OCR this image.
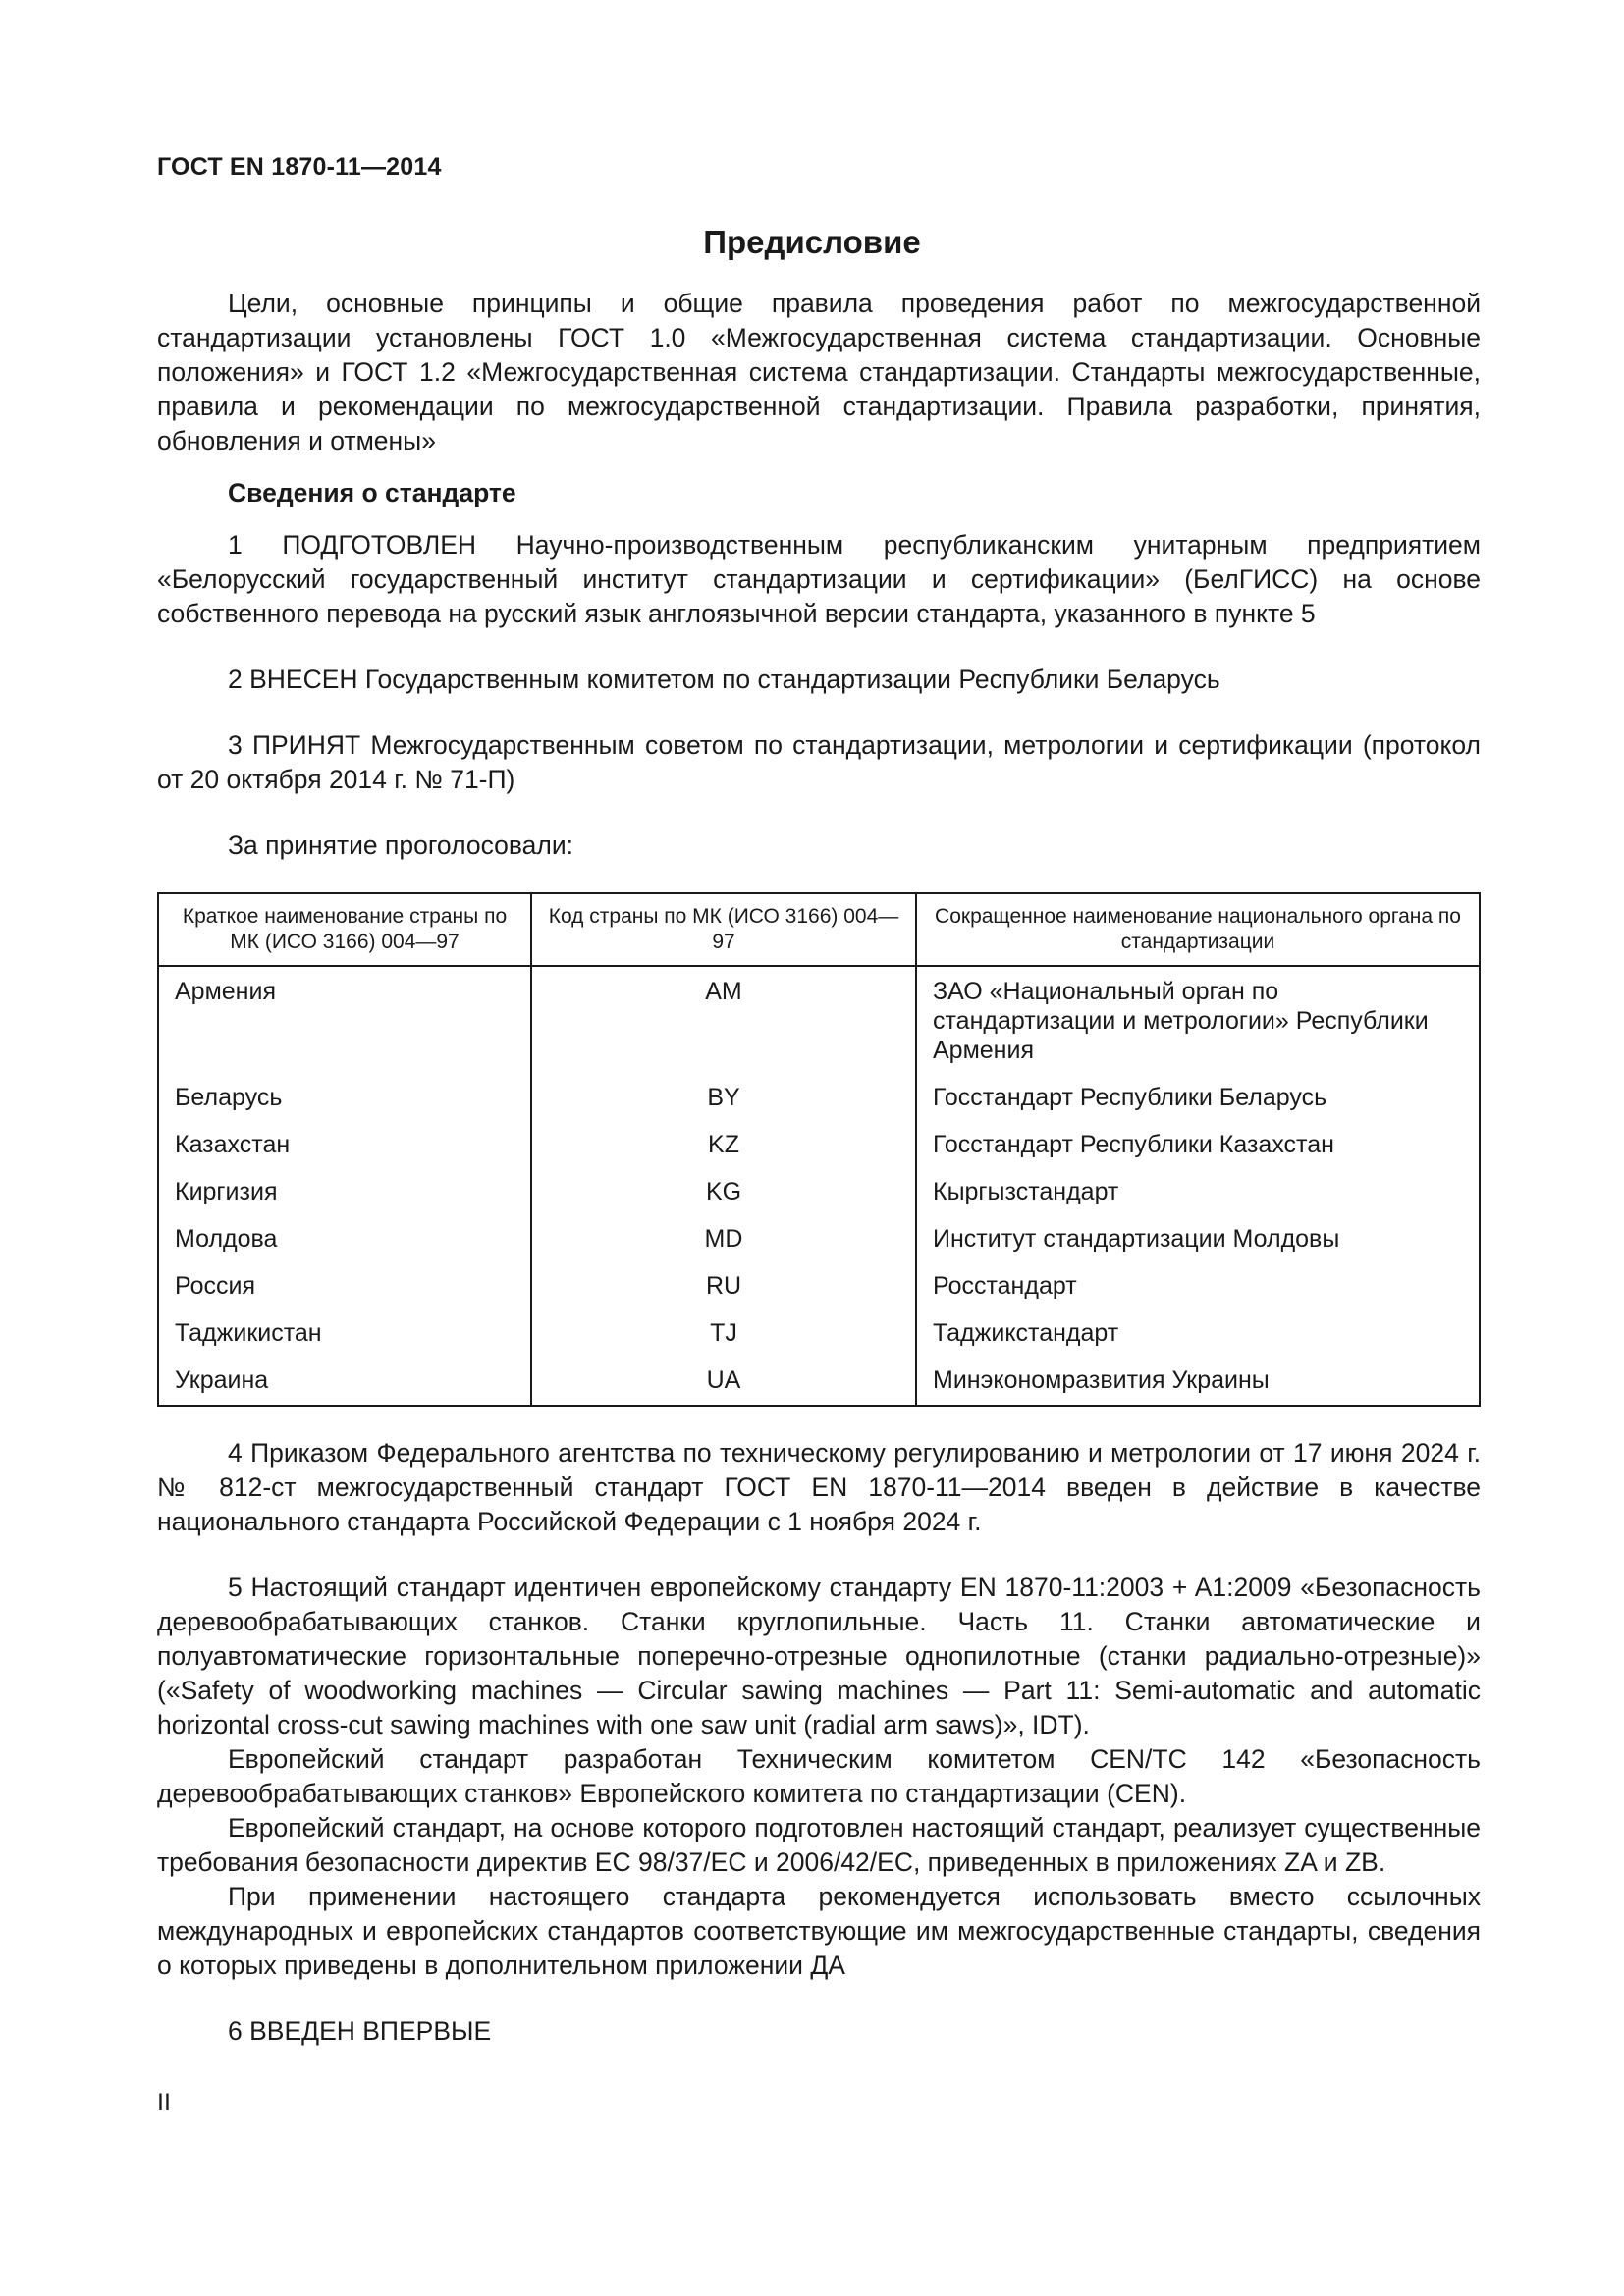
ГОСТ EN 1870-11—2014
Предисловие

Цели, основные принципы и общие правила проведения работ по межгосударственной стандартизации установлены ГОСТ 1.0 «Межгосударственная система стандартизации. Основные положения» и ГОСТ 1.2 «Межгосударственная система стандартизации. Стандарты межгосударственные, правила и рекомендации по межгосударственной стандартизации. Правила разработки, принятия, обновления и отмены»

Сведения о стандарте

1 ПОДГОТОВЛЕН Научно-производственным республиканским унитарным предприятием «Белорусский государственный институт стандартизации и сертификации» (БелГИСС) на основе собственного перевода на русский язык англоязычной версии стандарта, указанного в пункте 5

2 ВНЕСЕН Государственным комитетом по стандартизации Республики Беларусь

3 ПРИНЯТ Межгосударственным советом по стандартизации, метрологии и сертификации (протокол от 20 октября 2014 г. № 71-П)

За принятие проголосовали:

Краткое наименование страны по МК (ИСО 3166) 004—97	Код страны по МК (ИСО 3166) 004—97	Сокращенное наименование национального органа по стандартизации
Армения	AM	ЗАО «Национальный орган по стандартизации и метрологии» Республики Армения
Беларусь	BY	Госстандарт Республики Беларусь
Казахстан	KZ	Госстандарт Республики Казахстан
Киргизия	KG	Кыргызстандарт
Молдова	MD	Институт стандартизации Молдовы
Россия	RU	Росстандарт
Таджикистан	TJ	Таджикстандарт
Украина	UA	Минэкономразвития Украины

4 Приказом Федерального агентства по техническому регулированию и метрологии от 17 июня 2024 г. № 812-ст межгосударственный стандарт ГОСТ EN 1870-11—2014 введен в действие в качестве национального стандарта Российской Федерации с 1 ноября 2024 г.

5 Настоящий стандарт идентичен европейскому стандарту EN 1870-11:2003 + A1:2009 «Безопасность деревообрабатывающих станков. Станки круглопильные. Часть 11. Станки автоматические и полуавтоматические горизонтальные поперечно-отрезные однопилотные (станки радиально-отрезные)» («Safety of woodworking machines — Circular sawing machines — Part 11: Semi-automatic and automatic horizontal cross-cut sawing machines with one saw unit (radial arm saws)», IDT).

Европейский стандарт разработан Техническим комитетом CEN/TC 142 «Безопасность деревообрабатывающих станков» Европейского комитета по стандартизации (CEN).

Европейский стандарт, на основе которого подготовлен настоящий стандарт, реализует существенные требования безопасности директив ЕС 98/37/ЕС и 2006/42/ЕС, приведенных в приложениях ZA и ZB.

При применении настоящего стандарта рекомендуется использовать вместо ссылочных международных и европейских стандартов соответствующие им межгосударственные стандарты, сведения о которых приведены в дополнительном приложении ДА

6 ВВЕДЕН ВПЕРВЫЕ

II
